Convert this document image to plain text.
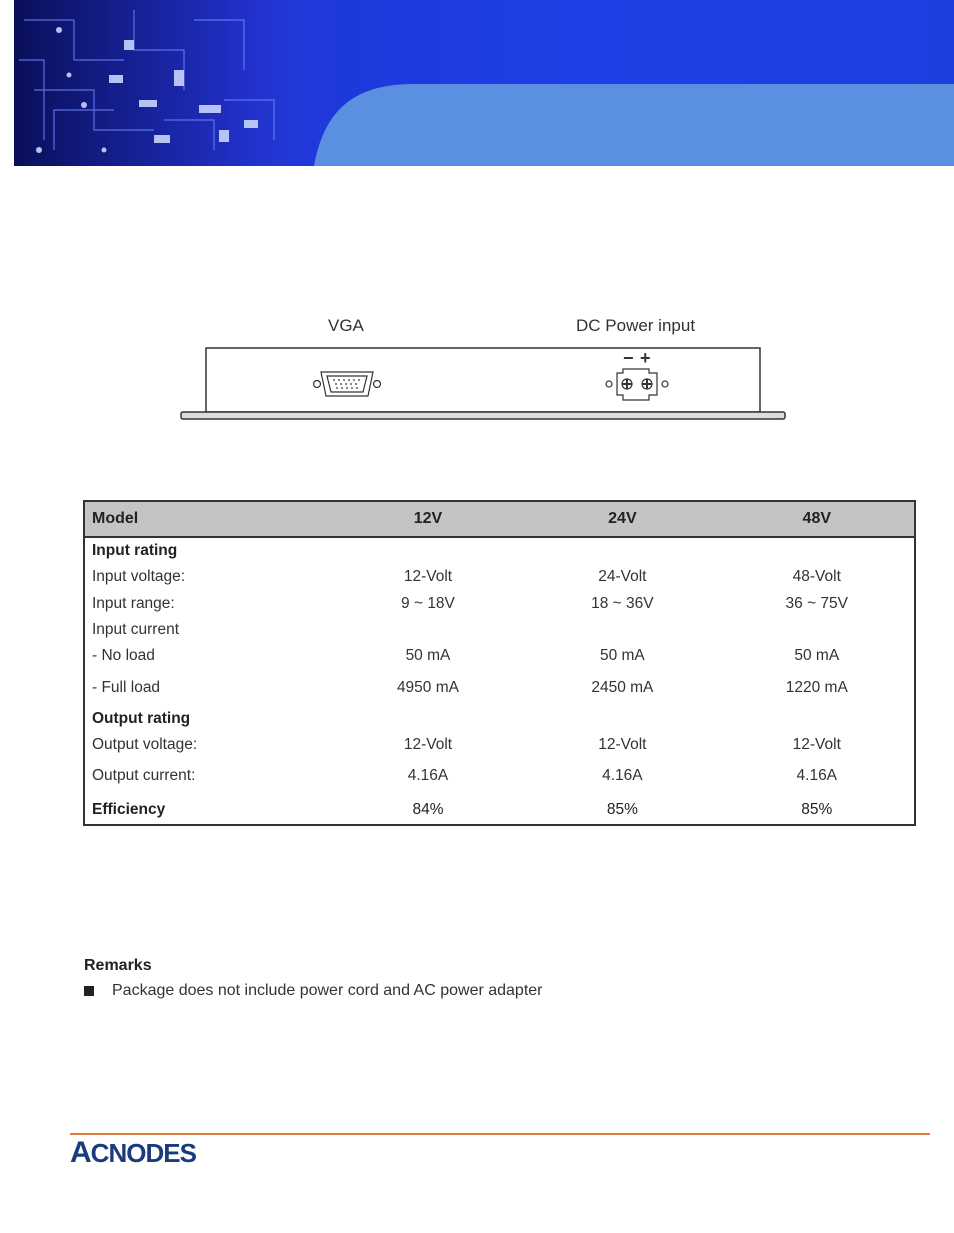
VGA	DC Power input
− +
Model	12V	24V	48V
Input rating
Input voltage:	12-Volt	24-Volt	48-Volt
Input range:	9 ~ 18V	18 ~ 36V	36 ~ 75V
Input current
- No load	50 mA	50 mA	50 mA
- Full load	4950 mA	2450 mA	1220 mA
Output rating
Output voltage:	12-Volt	12-Volt	12-Volt
Output current:	4.16A	4.16A	4.16A
Efficiency	84%	85%	85%
Remarks
Package does not include power cord and AC power adapter
A CNODES
